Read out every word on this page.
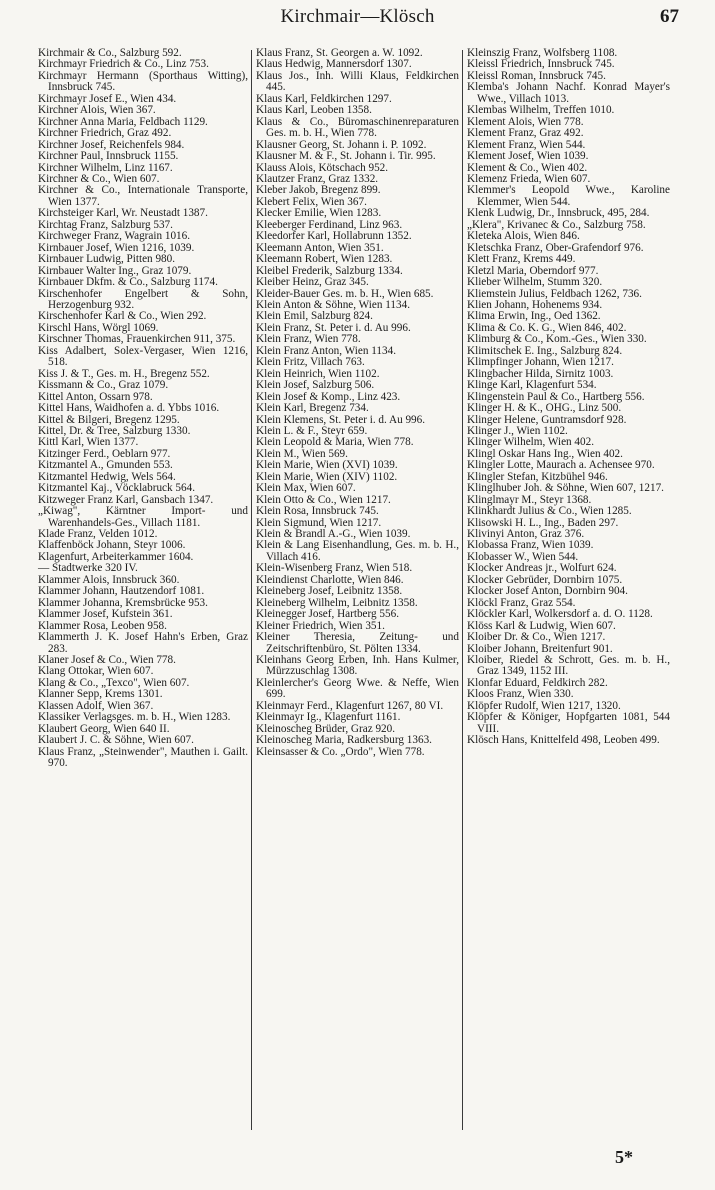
Kirchmair—Klösch	67
Kirchmair & Co., Salzburg 592.
Kirchmayr Friedrich & Co., Linz 753.
Kirchmayr Hermann (Sporthaus Witting), Innsbruck 745.
Kirchmayr Josef E., Wien 434.
Kirchner Alois, Wien 367.
Kirchner Anna Maria, Feldbach 1129.
Kirchner Friedrich, Graz 492.
Kirchner Josef, Reichenfels 984.
Kirchner Paul, Innsbruck 1155.
Kirchner Wilhelm, Linz 1167.
Kirchner & Co., Wien 607.
Kirchner & Co., Internationale Transporte, Wien 1377.
Kirchsteiger Karl, Wr. Neustadt 1387.
Kirchtag Franz, Salzburg 537.
Kirchweger Franz, Wagrain 1016.
Kirnbauer Josef, Wien 1216, 1039.
Kirnbauer Ludwig, Pitten 980.
Kirnbauer Walter Ing., Graz 1079.
Kirnbauer Dkfm. & Co., Salzburg 1174.
Kirschenhofer Engelbert & Sohn, Herzogenburg 932.
Kirschenhofer Karl & Co., Wien 292.
Kirschl Hans, Wörgl 1069.
Kirschner Thomas, Frauenkirchen 911, 375.
Kiss Adalbert, Solex-Vergaser, Wien 1216, 518.
Kiss J. & T., Ges. m. H., Bregenz 552.
Kissmann & Co., Graz 1079.
Kittel Anton, Ossarn 978.
Kittel Hans, Waidhofen a. d. Ybbs 1016.
Kittel & Bilgeri, Bregenz 1295.
Kittel, Dr. & Tree, Salzburg 1330.
Kittl Karl, Wien 1377.
Kitzinger Ferd., Oeblarn 977.
Kitzmantel A., Gmunden 553.
Kitzmantel Hedwig, Wels 564.
Kitzmantel Kaj., Vöcklabruck 564.
Kitzweger Franz Karl, Gansbach 1347.
„Kiwag", Kärntner Import- und Warenhandels-Ges., Villach 1181.
Klade Franz, Velden 1012.
Klaffenböck Johann, Steyr 1006.
Klagenfurt, Arbeiterkammer 1604.
— Stadtwerke 320 IV.
Klammer Alois, Innsbruck 360.
Klammer Johann, Hautzendorf 1081.
Klammer Johanna, Kremsbrücke 953.
Klammer Josef, Kufstein 361.
Klammer Rosa, Leoben 958.
Klammerth J. K. Josef Hahn's Erben, Graz 283.
Klaner Josef & Co., Wien 778.
Klang Ottokar, Wien 607.
Klang & Co., „Texco", Wien 607.
Klanner Sepp, Krems 1301.
Klassen Adolf, Wien 367.
Klassiker Verlagsges. m. b. H., Wien 1283.
Klaubert Georg, Wien 640 II.
Klaubert J. C. & Söhne, Wien 607.
Klaus Franz, „Steinwender", Mauthen i. Gailt. 970.
Klaus Franz, St. Georgen a. W. 1092.
Klaus Hedwig, Mannersdorf 1307.
Klaus Jos., Inh. Willi Klaus, Feldkirchen 445.
Klaus Karl, Feldkirchen 1297.
Klaus Karl, Leoben 1358.
Klaus & Co., Büromaschinenreparaturen Ges. m. b. H., Wien 778.
Klausner Georg, St. Johann i. P. 1092.
Klausner M. & F., St. Johann i. Tir. 995.
Klauss Alois, Kötschach 952.
Klautzer Franz, Graz 1332.
Kleber Jakob, Bregenz 899.
Klebert Felix, Wien 367.
Klecker Emilie, Wien 1283.
Kleeberger Ferdinand, Linz 963.
Kleedorfer Karl, Hollabrunn 1352.
Kleemann Anton, Wien 351.
Kleemann Robert, Wien 1283.
Kleibel Frederik, Salzburg 1334.
Kleiber Heinz, Graz 345.
Kleider-Bauer Ges. m. b. H., Wien 685.
Klein Anton & Söhne, Wien 1134.
Klein Emil, Salzburg 824.
Klein Franz, St. Peter i. d. Au 996.
Klein Franz, Wien 778.
Klein Franz Anton, Wien 1134.
Klein Fritz, Villach 763.
Klein Heinrich, Wien 1102.
Klein Josef, Salzburg 506.
Klein Josef & Komp., Linz 423.
Klein Karl, Bregenz 734.
Klein Klemens, St. Peter i. d. Au 996.
Klein L. & F., Steyr 659.
Klein Leopold & Maria, Wien 778.
Klein M., Wien 569.
Klein Marie, Wien (XVI) 1039.
Klein Marie, Wien (XIV) 1102.
Klein Max, Wien 607.
Klein Otto & Co., Wien 1217.
Klein Rosa, Innsbruck 745.
Klein Sigmund, Wien 1217.
Klein & Brandl A.-G., Wien 1039.
Klein & Lang Eisenhandlung, Ges. m. b. H., Villach 416.
Klein-Wisenberg Franz, Wien 518.
Kleindienst Charlotte, Wien 846.
Kleineberg Josef, Leibnitz 1358.
Kleineberg Wilhelm, Leibnitz 1358.
Kleinegger Josef, Hartberg 556.
Kleiner Friedrich, Wien 351.
Kleiner Theresia, Zeitung- und Zeitschriftenbüro, St. Pölten 1334.
Kleinhans Georg Erben, Inh. Hans Kulmer, Mürzzuschlag 1308.
Kleinlercher's Georg Wwe. & Neffe, Wien 699.
Kleinmayr Ferd., Klagenfurt 1267, 80 VI.
Kleinmayr Ig., Klagenfurt 1161.
Kleinoscheg Brüder, Graz 920.
Kleinoscheg Maria, Radkersburg 1363.
Kleinsasser & Co. „Ordo", Wien 778.
Kleinszig Franz, Wolfsberg 1108.
Kleissl Friedrich, Innsbruck 745.
Kleissl Roman, Innsbruck 745.
Klemba's Johann Nachf. Konrad Mayer's Wwe., Villach 1013.
Klembas Wilhelm, Treffen 1010.
Klement Alois, Wien 778.
Klement Franz, Graz 492.
Klement Franz, Wien 544.
Klement Josef, Wien 1039.
Klement & Co., Wien 402.
Klemenz Frieda, Wien 607.
Klemmer's Leopold Wwe., Karoline Klemmer, Wien 544.
Klenk Ludwig, Dr., Innsbruck, 495, 284.
„Klera", Krivanec & Co., Salzburg 758.
Kleteka Alois, Wien 846.
Kletschka Franz, Ober-Grafendorf 976.
Klett Franz, Krems 449.
Kletzl Maria, Oberndorf 977.
Klieber Wilhelm, Stumm 320.
Kliemstein Julius, Feldbach 1262, 736.
Klien Johann, Hohenems 934.
Klima Erwin, Ing., Oed 1362.
Klima & Co. K. G., Wien 846, 402.
Klimburg & Co., Kom.-Ges., Wien 330.
Klimitschek E. Ing., Salzburg 824.
Klimpfinger Johann, Wien 1217.
Klingbacher Hilda, Sirnitz 1003.
Klinge Karl, Klagenfurt 534.
Klingenstein Paul & Co., Hartberg 556.
Klinger H. & K., OHG., Linz 500.
Klinger Helene, Guntramsdorf 928.
Klinger J., Wien 1102.
Klinger Wilhelm, Wien 402.
Klingl Oskar Hans Ing., Wien 402.
Klingler Lotte, Maurach a. Achensee 970.
Klingler Stefan, Kitzbühel 946.
Klinglhuber Joh. & Söhne, Wien 607, 1217.
Klinglmayr M., Steyr 1368.
Klinkhardt Julius & Co., Wien 1285.
Klisowski H. L., Ing., Baden 297.
Klivinyi Anton, Graz 376.
Klobassa Franz, Wien 1039.
Klobasser W., Wien 544.
Klocker Andreas jr., Wolfurt 624.
Klocker Gebrüder, Dornbirn 1075.
Klocker Josef Anton, Dornbirn 904.
Klöckl Franz, Graz 554.
Klöckler Karl, Wolkersdorf a. d. O. 1128.
Klöss Karl & Ludwig, Wien 607.
Kloiber Dr. & Co., Wien 1217.
Kloiber Johann, Breitenfurt 901.
Kloiber, Riedel & Schrott, Ges. m. b. H., Graz 1349, 1152 III.
Klonfar Eduard, Feldkirch 282.
Kloos Franz, Wien 330.
Klöpfer Rudolf, Wien 1217, 1320.
Klöpfer & Königer, Hopfgarten 1081, 544 VIII.
Klösch Hans, Knittelfeld 498, Leoben 499.
5*
